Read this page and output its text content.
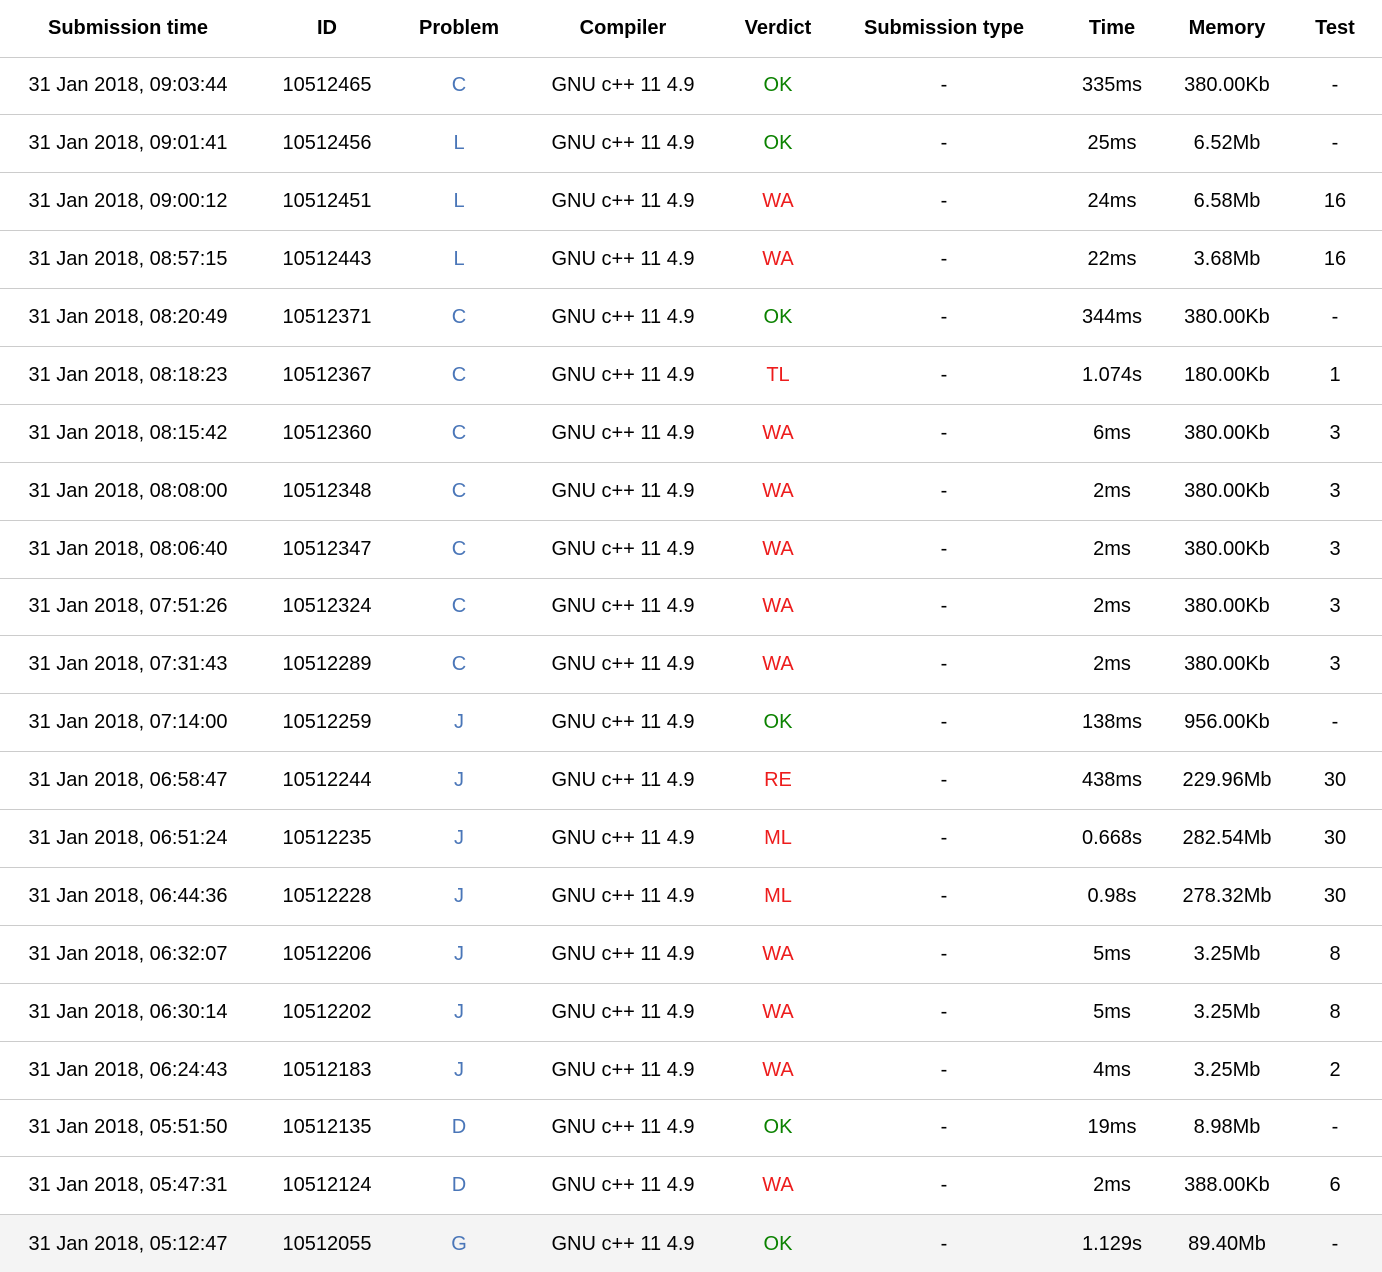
Submission time	ID	Problem	Compiler	Verdict	Submission type	Time	Memory	Test
31 Jan 2018, 09:03:44	10512465	C	GNU c++ 11 4.9	OK	-	335ms	380.00Kb	-
31 Jan 2018, 09:01:41	10512456	L	GNU c++ 11 4.9	OK	-	25ms	6.52Mb	-
31 Jan 2018, 09:00:12	10512451	L	GNU c++ 11 4.9	WA	-	24ms	6.58Mb	16
31 Jan 2018, 08:57:15	10512443	L	GNU c++ 11 4.9	WA	-	22ms	3.68Mb	16
31 Jan 2018, 08:20:49	10512371	C	GNU c++ 11 4.9	OK	-	344ms	380.00Kb	-
31 Jan 2018, 08:18:23	10512367	C	GNU c++ 11 4.9	TL	-	1.074s	180.00Kb	1
31 Jan 2018, 08:15:42	10512360	C	GNU c++ 11 4.9	WA	-	6ms	380.00Kb	3
31 Jan 2018, 08:08:00	10512348	C	GNU c++ 11 4.9	WA	-	2ms	380.00Kb	3
31 Jan 2018, 08:06:40	10512347	C	GNU c++ 11 4.9	WA	-	2ms	380.00Kb	3
31 Jan 2018, 07:51:26	10512324	C	GNU c++ 11 4.9	WA	-	2ms	380.00Kb	3
31 Jan 2018, 07:31:43	10512289	C	GNU c++ 11 4.9	WA	-	2ms	380.00Kb	3
31 Jan 2018, 07:14:00	10512259	J	GNU c++ 11 4.9	OK	-	138ms	956.00Kb	-
31 Jan 2018, 06:58:47	10512244	J	GNU c++ 11 4.9	RE	-	438ms	229.96Mb	30
31 Jan 2018, 06:51:24	10512235	J	GNU c++ 11 4.9	ML	-	0.668s	282.54Mb	30
31 Jan 2018, 06:44:36	10512228	J	GNU c++ 11 4.9	ML	-	0.98s	278.32Mb	30
31 Jan 2018, 06:32:07	10512206	J	GNU c++ 11 4.9	WA	-	5ms	3.25Mb	8
31 Jan 2018, 06:30:14	10512202	J	GNU c++ 11 4.9	WA	-	5ms	3.25Mb	8
31 Jan 2018, 06:24:43	10512183	J	GNU c++ 11 4.9	WA	-	4ms	3.25Mb	2
31 Jan 2018, 05:51:50	10512135	D	GNU c++ 11 4.9	OK	-	19ms	8.98Mb	-
31 Jan 2018, 05:47:31	10512124	D	GNU c++ 11 4.9	WA	-	2ms	388.00Kb	6
31 Jan 2018, 05:12:47	10512055	G	GNU c++ 11 4.9	OK	-	1.129s	89.40Mb	-
